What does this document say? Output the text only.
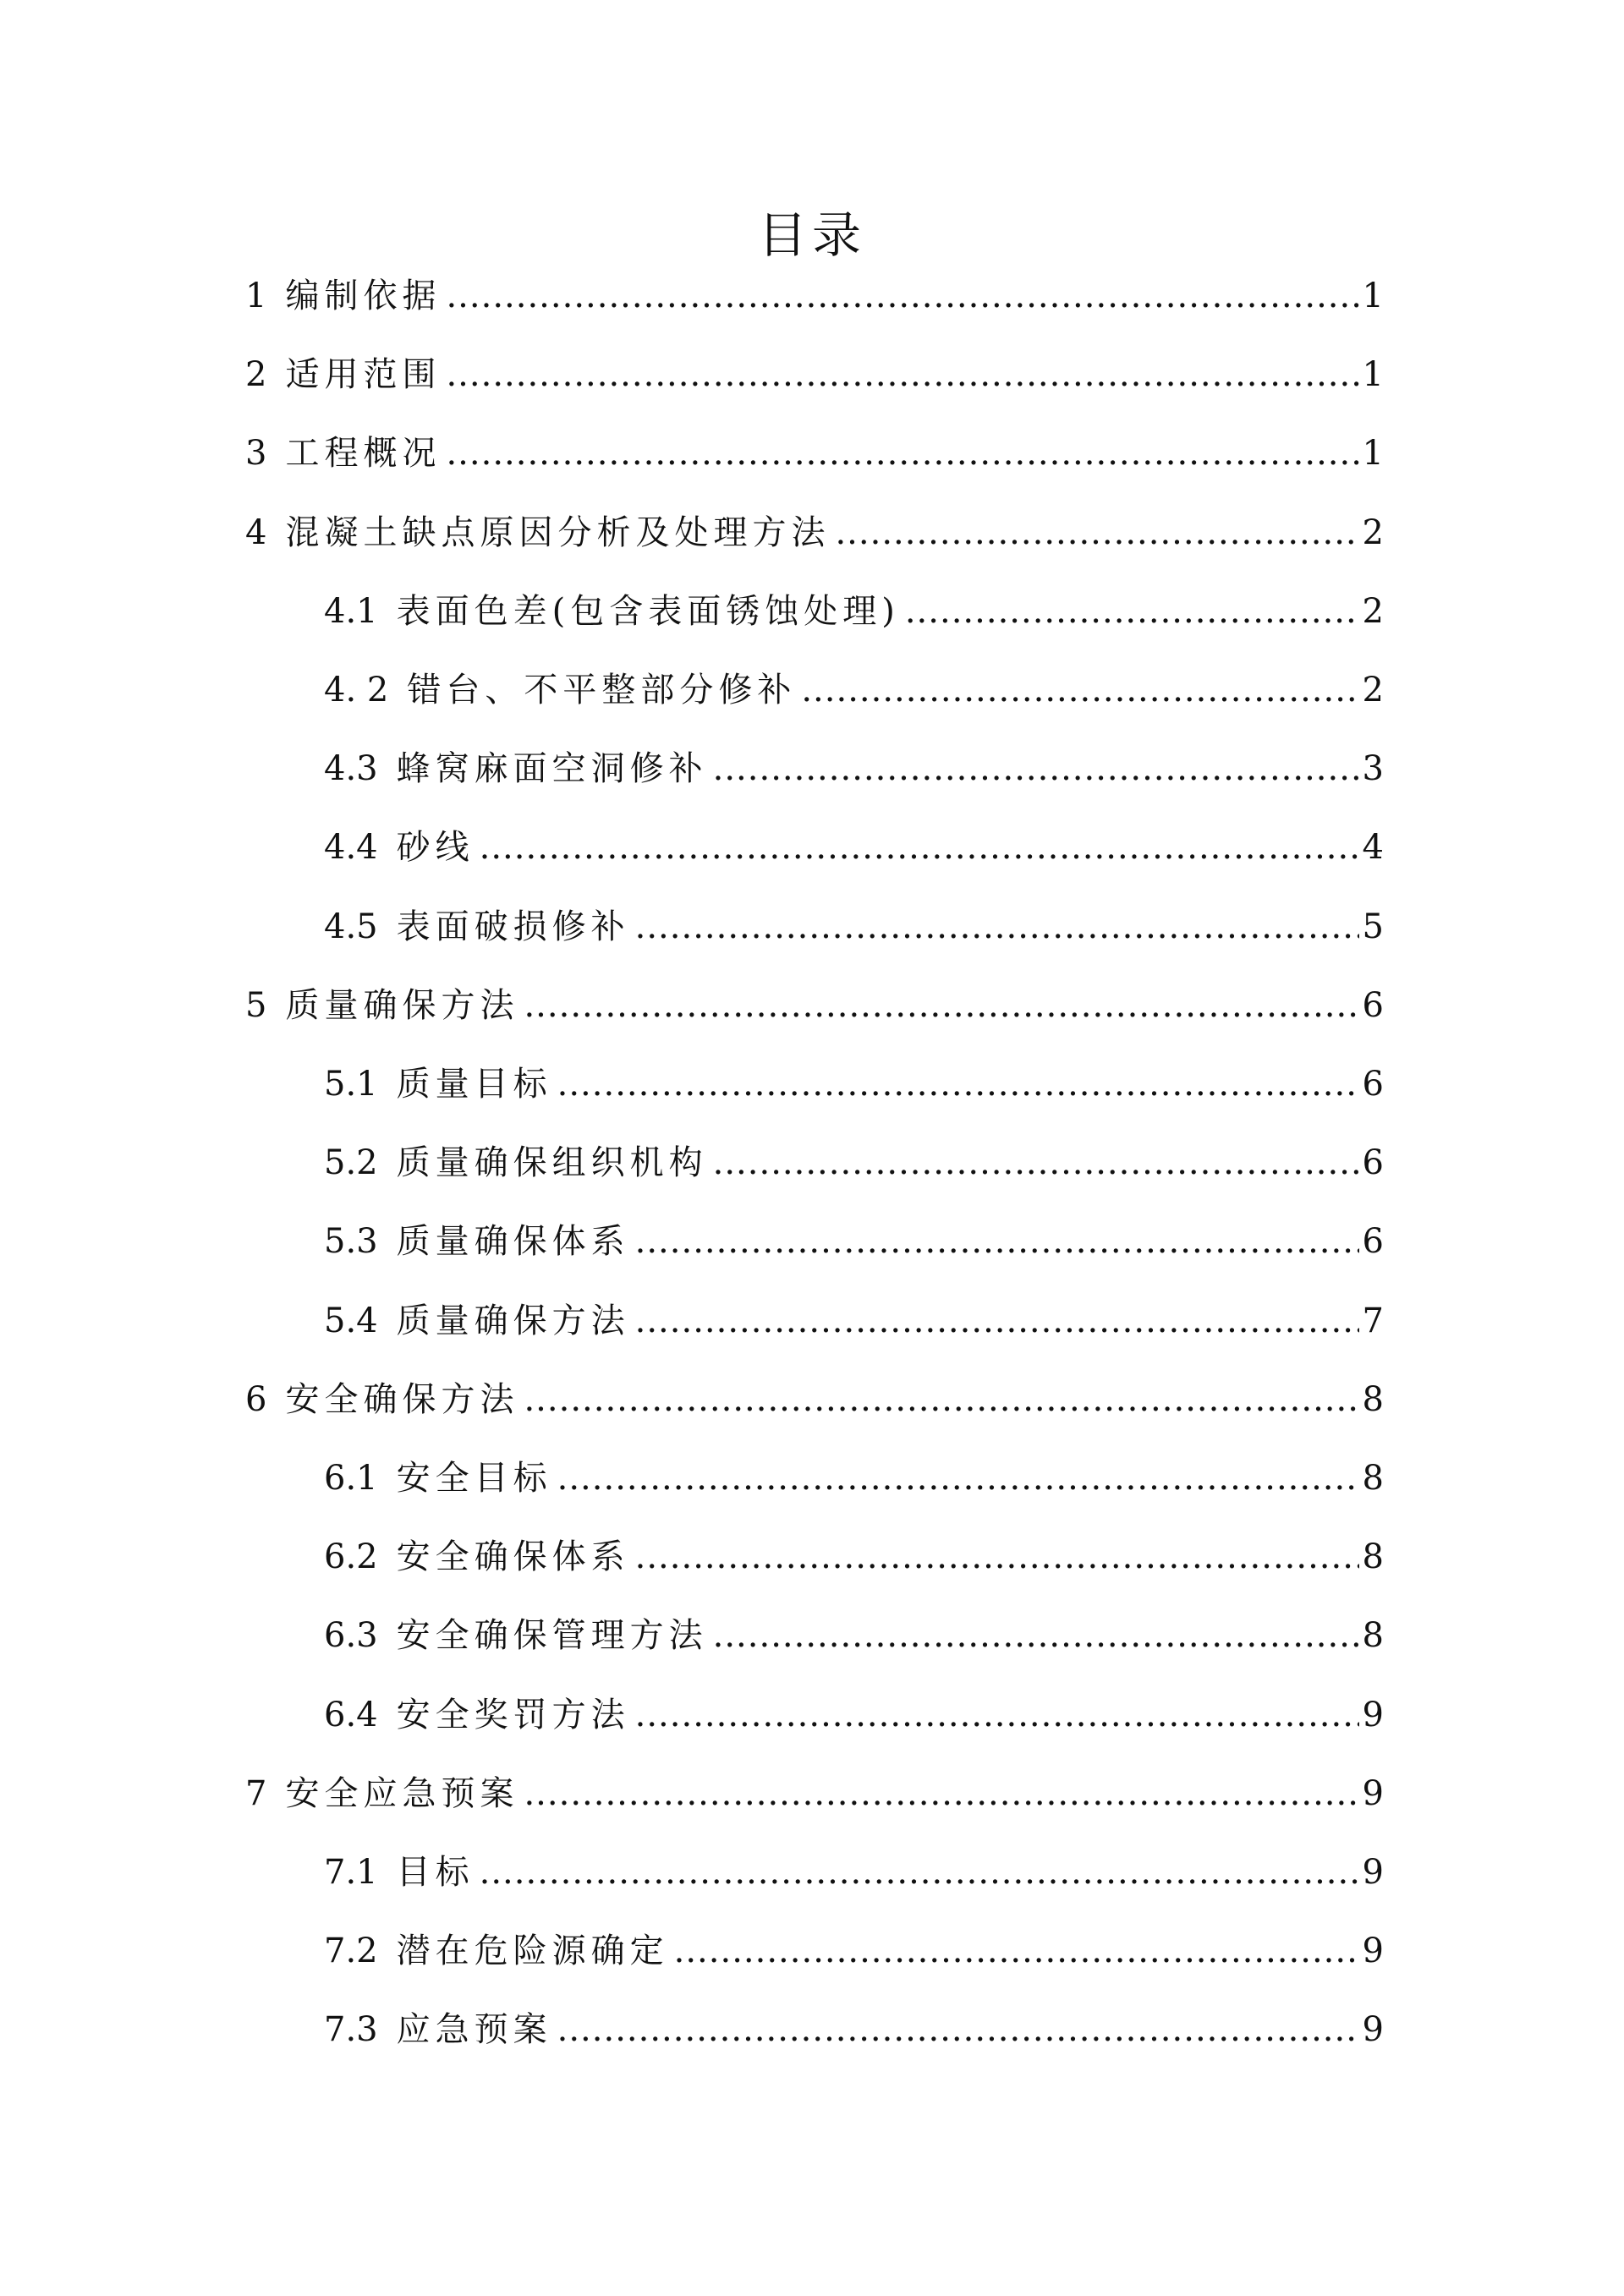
目录
1 编制依据 .....	1
2 适用范围 .....	1
3 工程概况 .....	1
4 混凝土缺点原因分析及处理方法 .....	2
4.1 表面色差(包含表面锈蚀处理) .....	2
4. 2 错台、不平整部分修补 .....	2
4.3 蜂窝麻面空洞修补 .....	3
4.4 砂线 .....	4
4.5 表面破损修补 .....	5
5 质量确保方法 .....	6
5.1 质量目标 .....	6
5.2 质量确保组织机构 .....	6
5.3 质量确保体系 .....	6
5.4 质量确保方法 .....	7
6 安全确保方法 .....	8
6.1 安全目标 .....	8
6.2 安全确保体系 .....	8
6.3 安全确保管理方法 .....	8
6.4 安全奖罚方法 .....	9
7 安全应急预案 .....	9
7.1 目标 .....	9
7.2 潜在危险源确定 .....	9
7.3 应急预案 .....	9
